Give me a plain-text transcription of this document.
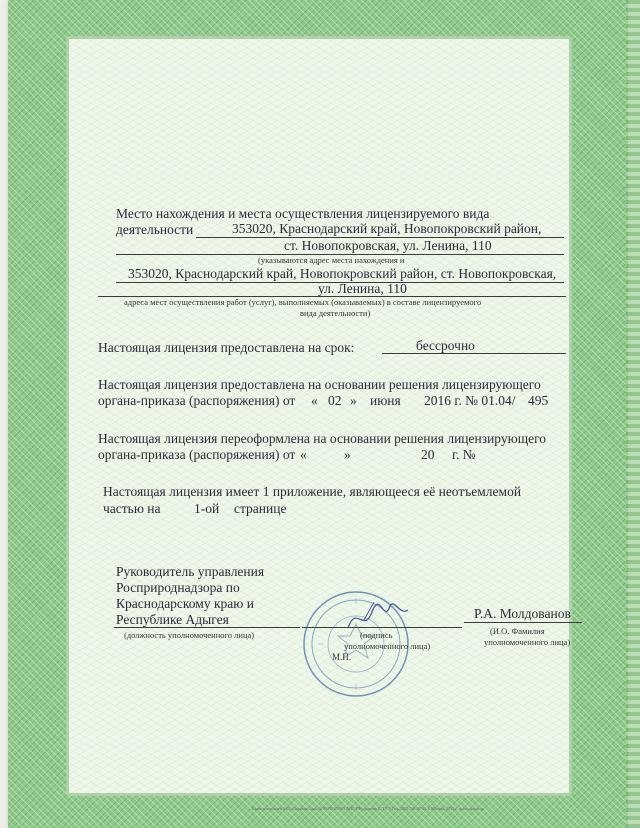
Место нахождения и места осуществления лицензируемого вида
деятельности	353020, Краснодарский край, Новопокровский район,
ст. Новопокровская, ул. Ленина, 110
(указываются адрес места нахождения и
353020, Краснодарский край, Новопокровский район, ст. Новопокровская,
ул. Ленина, 110
адреса мест осуществления работ (услуг), выполняемых (оказываемых) в составе лицензируемого
вида деятельности)
Настоящая лицензия предоставлена на срок:	бессрочно
Настоящая лицензия предоставлена на основании решения лицензирующего
органа-приказа (распоряжения) от « 02 » июня 2016 г. № 01.04/ 495
Настоящая лицензия переоформлена на основании решения лицензирующего
органа-приказа (распоряжения) от «	»	20 г. №
Настоящая лицензия имеет 1 приложение, являющееся её неотъемлемой
частью на 1-ой странице
Руководитель управления
Росприроднадзора по
Краснодарскому краю и
Республике Адыгея
(должность уполномоченного лица)	(подпись
уполномоченного лица)
М.П.
Р.А. Молдованов
(И.О. Фамилия
уполномоченного лица)
Бланк изготовлен ЗАО «Опцион» (лиц.№ 05-05-09/003 ФНС РФ) уровень Б, ТУ 5 Тел. (495) 726-47-42, г. Москва, 2013 г., www.opcion.ru
